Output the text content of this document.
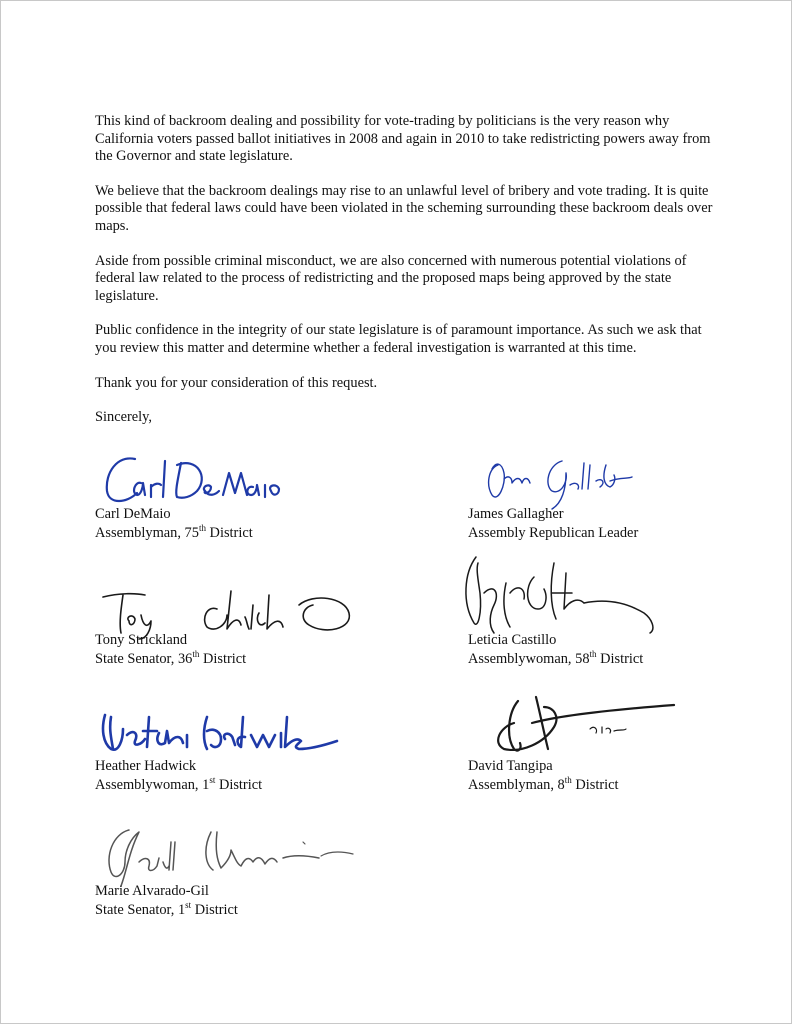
This kind of backroom dealing and possibility for vote-trading by politicians is the very reason why California voters passed ballot initiatives in 2008 and again in 2010 to take redistricting powers away from the Governor and state legislature.

We believe that the backroom dealings may rise to an unlawful level of bribery and vote trading. It is quite possible that federal laws could have been violated in the scheming surrounding these backroom deals over maps.

Aside from possible criminal misconduct, we are also concerned with numerous potential violations of federal law related to the process of redistricting and the proposed maps being approved by the state legislature.

Public confidence in the integrity of our state legislature is of paramount importance. As such we ask that you review this matter and determine whether a federal investigation is warranted at this time.

Thank you for your consideration of this request.

Sincerely,

Carl DeMaio
Assemblyman, 75th District
James Gallagher
Assembly Republican Leader
Tony Strickland
State Senator, 36th District
Leticia Castillo
Assemblywoman, 58th District
Heather Hadwick
Assemblywoman, 1st District
David Tangipa
Assemblyman, 8th District
Marie Alvarado-Gil
State Senator, 1st District
